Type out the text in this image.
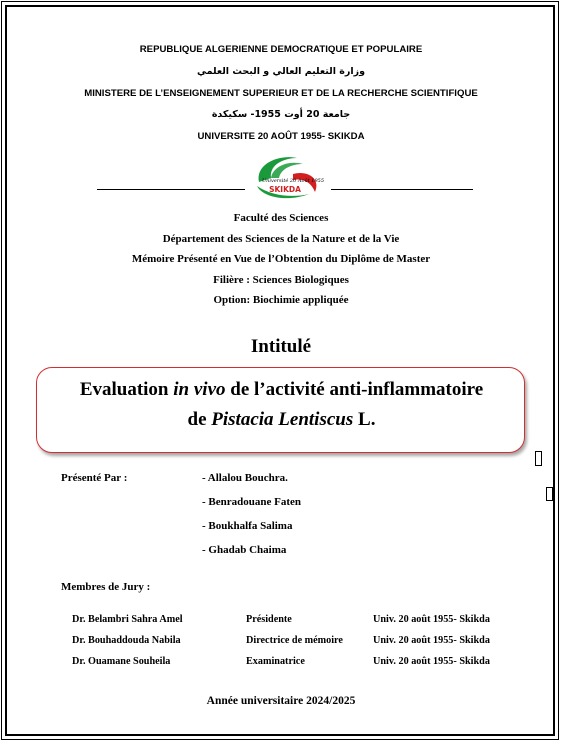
REPUBLIQUE ALGERIENNE DEMOCRATIQUE ET POPULAIRE
وزارة التعليم العالي و البحث العلمي
MINISTERE DE L’ENSEIGNEMENT SUPERIEUR ET DE LA RECHERCHE SCIENTIFIQUE
جامعة 20 أوت 1955- سكيكدة
UNIVERSITE 20 AOÛT 1955- SKIKDA
Université 20 Août 1955
SKIKDA
Faculté des Sciences
Département des Sciences de la Nature et de la Vie
Mémoire Présenté en Vue de l’Obtention du Diplôme de Master
Filière : Sciences Biologiques
Option: Biochimie appliquée
Intitulé
Evaluation in vivo de l’activité anti-inflammatoire
de Pistacia Lentiscus L.
Présenté Par :	- Allalou Bouchra.
- Benradouane Faten
- Boukhalfa Salima
- Ghadab Chaima
Membres de Jury :
Dr. Belambri Sahra Amel	Présidente	Univ. 20 août 1955- Skikda
Dr. Bouhaddouda Nabila	Directrice de mémoire	Univ. 20 août 1955- Skikda
Dr. Ouamane Souheila	Examinatrice	Univ. 20 août 1955- Skikda
Année universitaire 2024/2025
